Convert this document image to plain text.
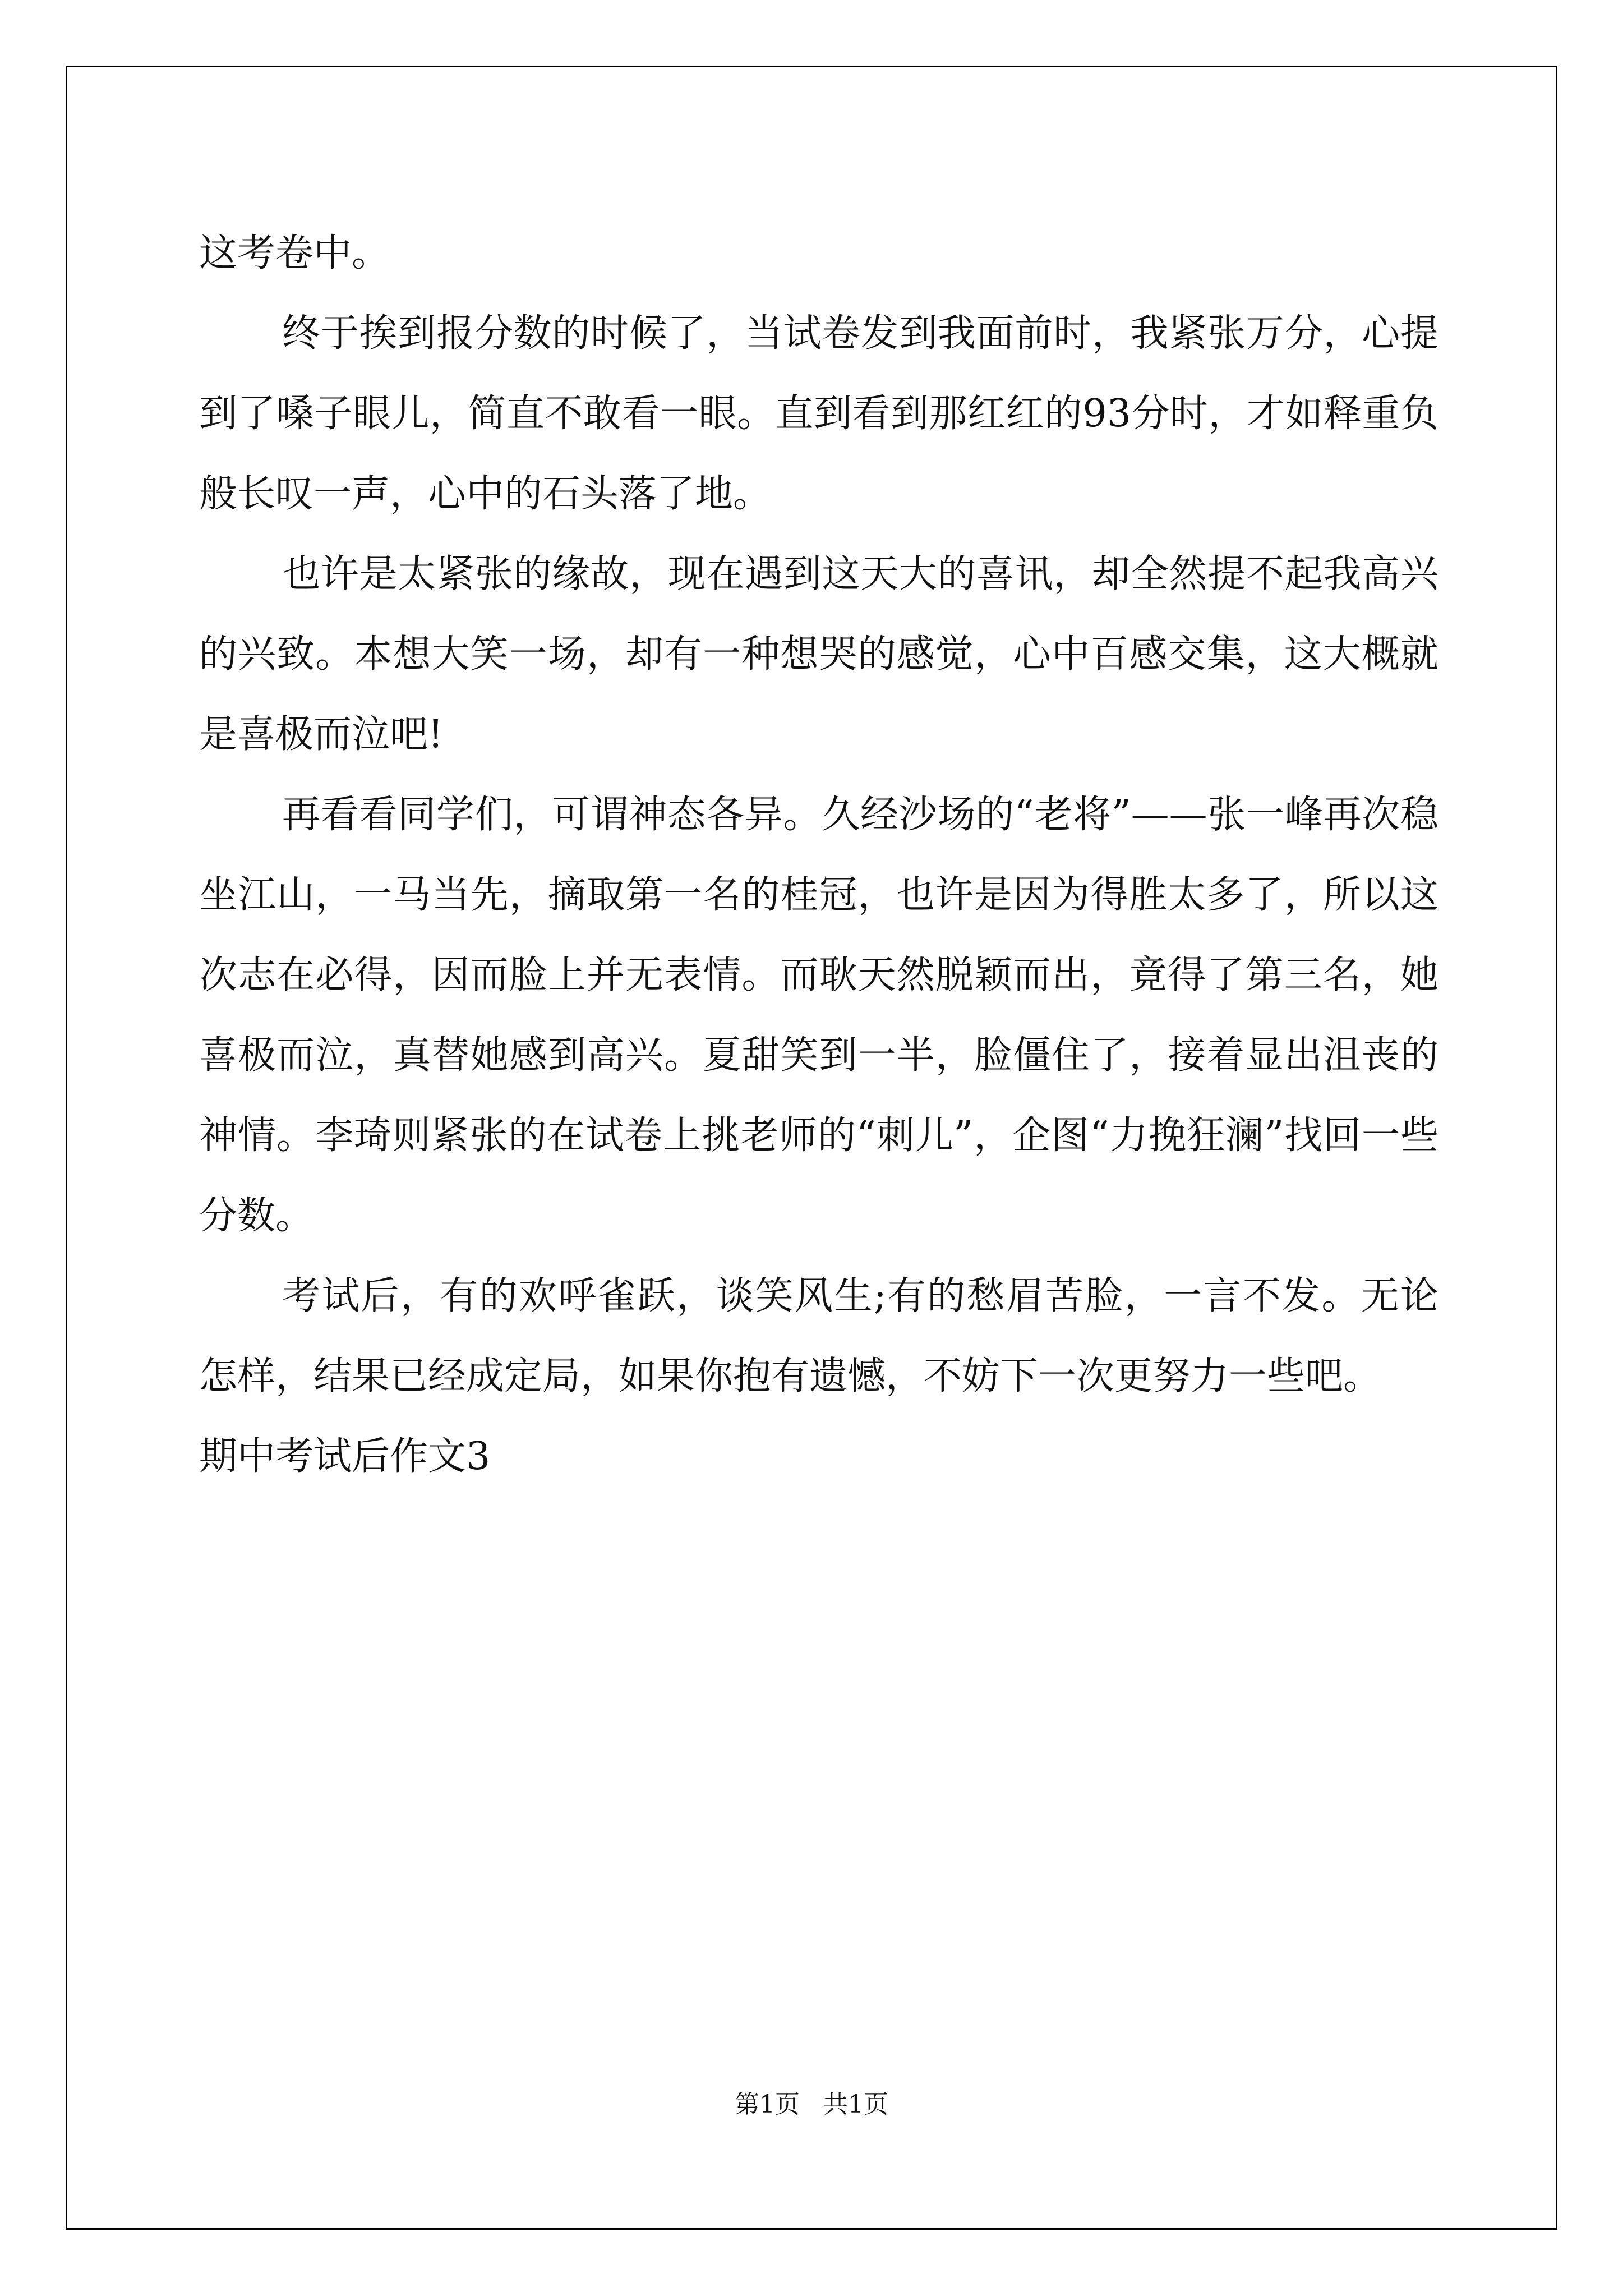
这考卷中。

终于挨到报分数的时候了，当试卷发到我面前时，我紧张万分，心提到了嗓子眼儿，简直不敢看一眼。直到看到那红红的93分时，才如释重负般长叹一声，心中的石头落了地。

也许是太紧张的缘故，现在遇到这天大的喜讯，却全然提不起我高兴的兴致。本想大笑一场，却有一种想哭的感觉，心中百感交集，这大概就是喜极而泣吧!

再看看同学们，可谓神态各异。久经沙场的“老将”——张一峰再次稳坐江山，一马当先，摘取第一名的桂冠，也许是因为得胜太多了，所以这次志在必得，因而脸上并无表情。而耿天然脱颖而出，竟得了第三名，她喜极而泣，真替她感到高兴。夏甜笑到一半，脸僵住了，接着显出沮丧的神情。李琦则紧张的在试卷上挑老师的“刺儿”，企图“力挽狂澜”找回一些分数。

考试后，有的欢呼雀跃，谈笑风生;有的愁眉苦脸，一言不发。无论怎样，结果已经成定局，如果你抱有遗憾，不妨下一次更努力一些吧。

期中考试后作文3

第1页   共1页
